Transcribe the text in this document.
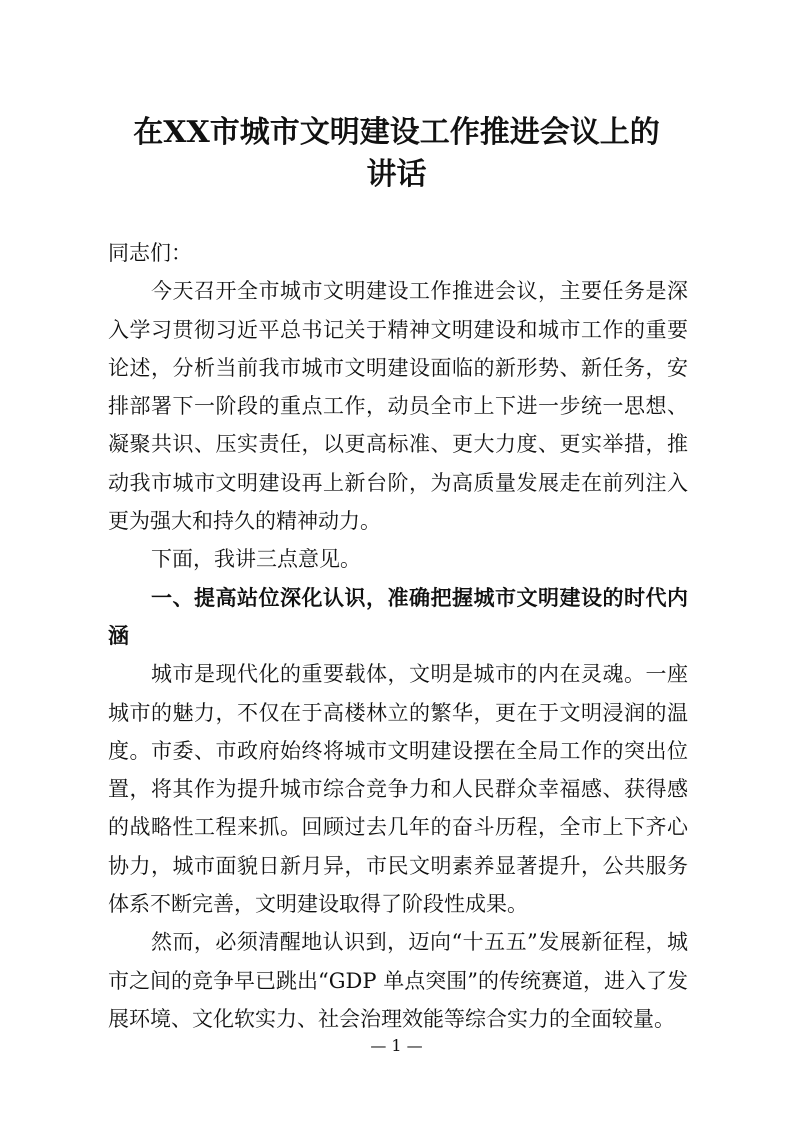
在XX市城市文明建设工作推进会议上的
讲话
同志们：
今天召开全市城市文明建设工作推进会议，主要任务是深
入学习贯彻习近平总书记关于精神文明建设和城市工作的重要
论述，分析当前我市城市文明建设面临的新形势、新任务，安
排部署下一阶段的重点工作，动员全市上下进一步统一思想、
凝聚共识、压实责任，以更高标准、更大力度、更实举措，推
动我市城市文明建设再上新台阶，为高质量发展走在前列注入
更为强大和持久的精神动力。
下面，我讲三点意见。
一、提高站位深化认识，准确把握城市文明建设的时代内
涵
城市是现代化的重要载体，文明是城市的内在灵魂。一座
城市的魅力，不仅在于高楼林立的繁华，更在于文明浸润的温
度。市委、市政府始终将城市文明建设摆在全局工作的突出位
置，将其作为提升城市综合竞争力和人民群众幸福感、获得感
的战略性工程来抓。回顾过去几年的奋斗历程，全市上下齐心
协力，城市面貌日新月异，市民文明素养显著提升，公共服务
体系不断完善，文明建设取得了阶段性成果。
然而，必须清醒地认识到，迈向“十五五”发展新征程，城
市之间的竞争早已跳出“GDP 单点突围”的传统赛道，进入了发
展环境、文化软实力、社会治理效能等综合实力的全面较量。
— 1 —
